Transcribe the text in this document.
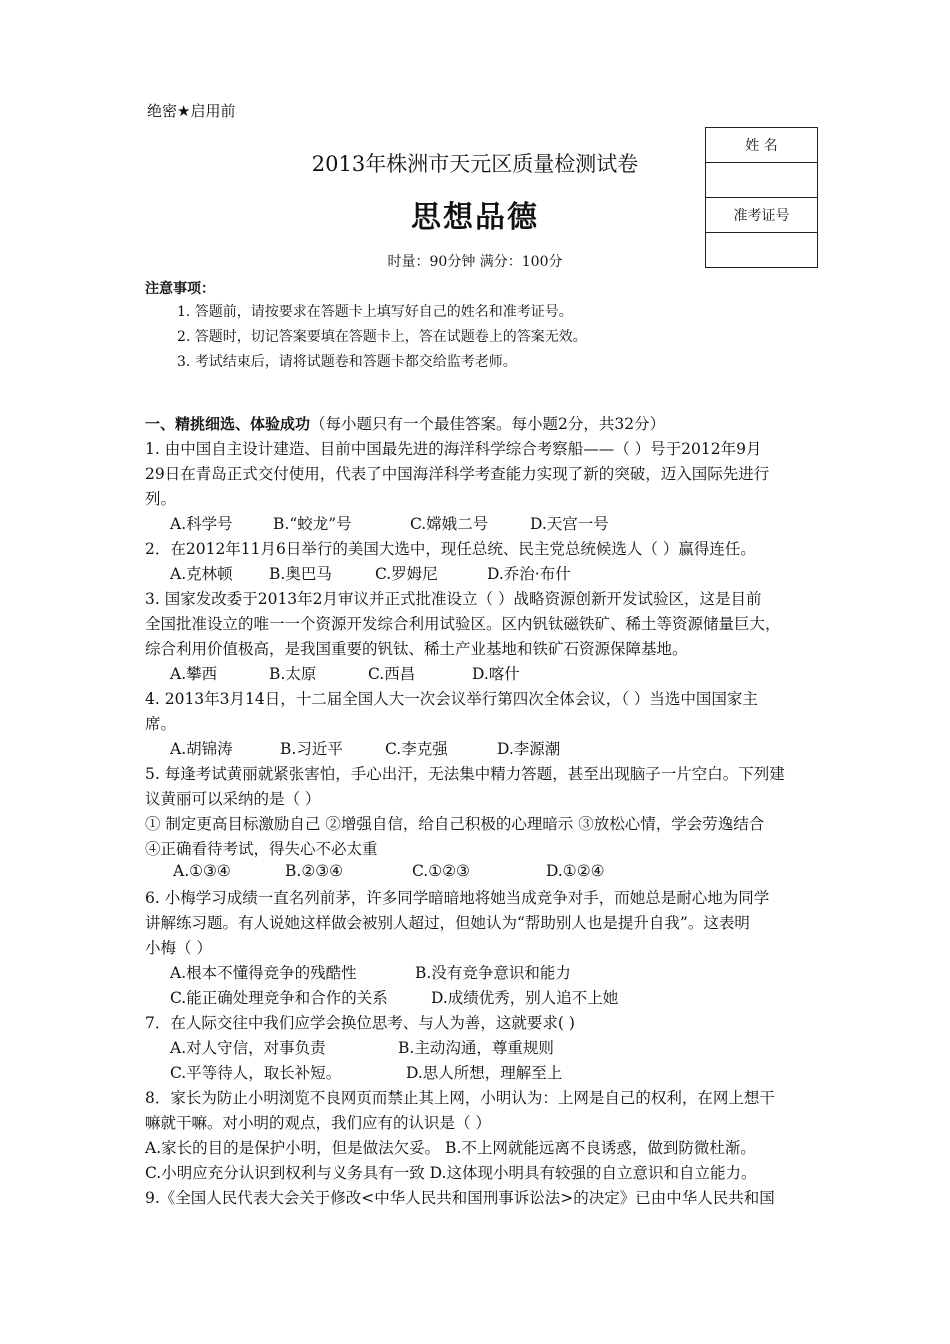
绝密★启用前
2013年株洲市天元区质量检测试卷
思想品德
时量：90分钟 满分：100分
姓 名

准考证号

注意事项：
1. 答题前，请按要求在答题卡上填写好自己的姓名和准考证号。
2. 答题时，切记答案要填在答题卡上，答在试题卷上的答案无效。
3. 考试结束后，请将试题卷和答题卡都交给监考老师。
一、精挑细选、体验成功（每小题只有一个最佳答案。每小题2分，共32分）
1. 由中国自主设计建造、目前中国最先进的海洋科学综合考察船——（ ）号于2012年9月
29日在青岛正式交付使用，代表了中国海洋科学考查能力实现了新的突破，迈入国际先进行
列。
A.科学号	B.“蛟龙”号	C.嫦娥二号	D.天宫一号
2．在2012年11月6日举行的美国大选中，现任总统、民主党总统候选人（ ）赢得连任。
A.克林顿 B.奥巴马	C.罗姆尼	D.乔治·布什
3. 国家发改委于2013年2月审议并正式批准设立（ ）战略资源创新开发试验区，这是目前
全国批准设立的唯一一个资源开发综合利用试验区。区内钒钛磁铁矿、稀土等资源储量巨大，
综合利用价值极高，是我国重要的钒钛、稀土产业基地和铁矿石资源保障基地。
A.攀西	B.太原	C.西昌	D.喀什
4. 2013年3月14日，十二届全国人大一次会议举行第四次全体会议，（ ）当选中国国家主
席。
A.胡锦涛	B.习近平	C.李克强	D.李源潮
5. 每逢考试黄丽就紧张害怕，手心出汗，无法集中精力答题，甚至出现脑子一片空白。下列建
议黄丽可以采纳的是（ ）
① 制定更高目标激励自己 ②增强自信，给自己积极的心理暗示 ③放松心情，学会劳逸结合
④正确看待考试，得失心不必太重
A.①③④	B.②③④	C.①②③	D.①②④
6. 小梅学习成绩一直名列前茅，许多同学暗暗地将她当成竞争对手，而她总是耐心地为同学
讲解练习题。有人说她这样做会被别人超过，但她认为“帮助别人也是提升自我”。这表明
小梅（ ）
A.根本不懂得竞争的残酷性	B.没有竞争意识和能力
C.能正确处理竞争和合作的关系	D.成绩优秀，别人追不上她
7．在人际交往中我们应学会换位思考、与人为善，这就要求( )
A.对人守信，对事负责	B.主动沟通，尊重规则
C.平等待人，取长补短。	D.思人所想，理解至上
8．家长为防止小明浏览不良网页而禁止其上网，小明认为：上网是自己的权利，在网上想干
嘛就干嘛。对小明的观点，我们应有的认识是（ ）
A.家长的目的是保护小明，但是做法欠妥。 B.不上网就能远离不良诱惑，做到防微杜渐。
C.小明应充分认识到权利与义务具有一致 D.这体现小明具有较强的自立意识和自立能力。
9.《全国人民代表大会关于修改<中华人民共和国刑事诉讼法>的决定》已由中华人民共和国
